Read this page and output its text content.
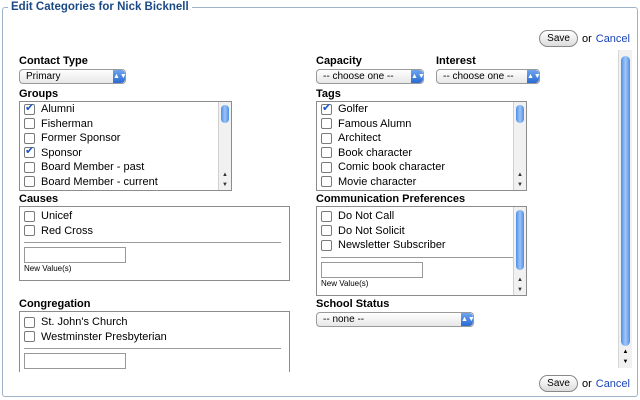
Edit Categories for Nick Bicknell
Save	or Cancel
Contact Type
Primary	▲▼
Capacity
-- choose one -- ▲▼
Interest
-- choose one -- ▲▼
Groups
✔
Alumni
Fisherman
Former Sponsor
✔
Sponsor
Board Member - past
Board Member - current
▲
▼
Tags
✔
Golfer
Famous Alumn
Architect
Book character
Comic book character
Movie character
▲
▼
Causes
Unicef
Red Cross
New Value(s)
Communication Preferences
Do Not Call
Do Not Solicit
Newsletter Subscriber
New Value(s)	▲
▼
Congregation
St. John's Church
Westminster Presbyterian
School Status
-- none --	▲▼
▲
▼
Save	or Cancel
